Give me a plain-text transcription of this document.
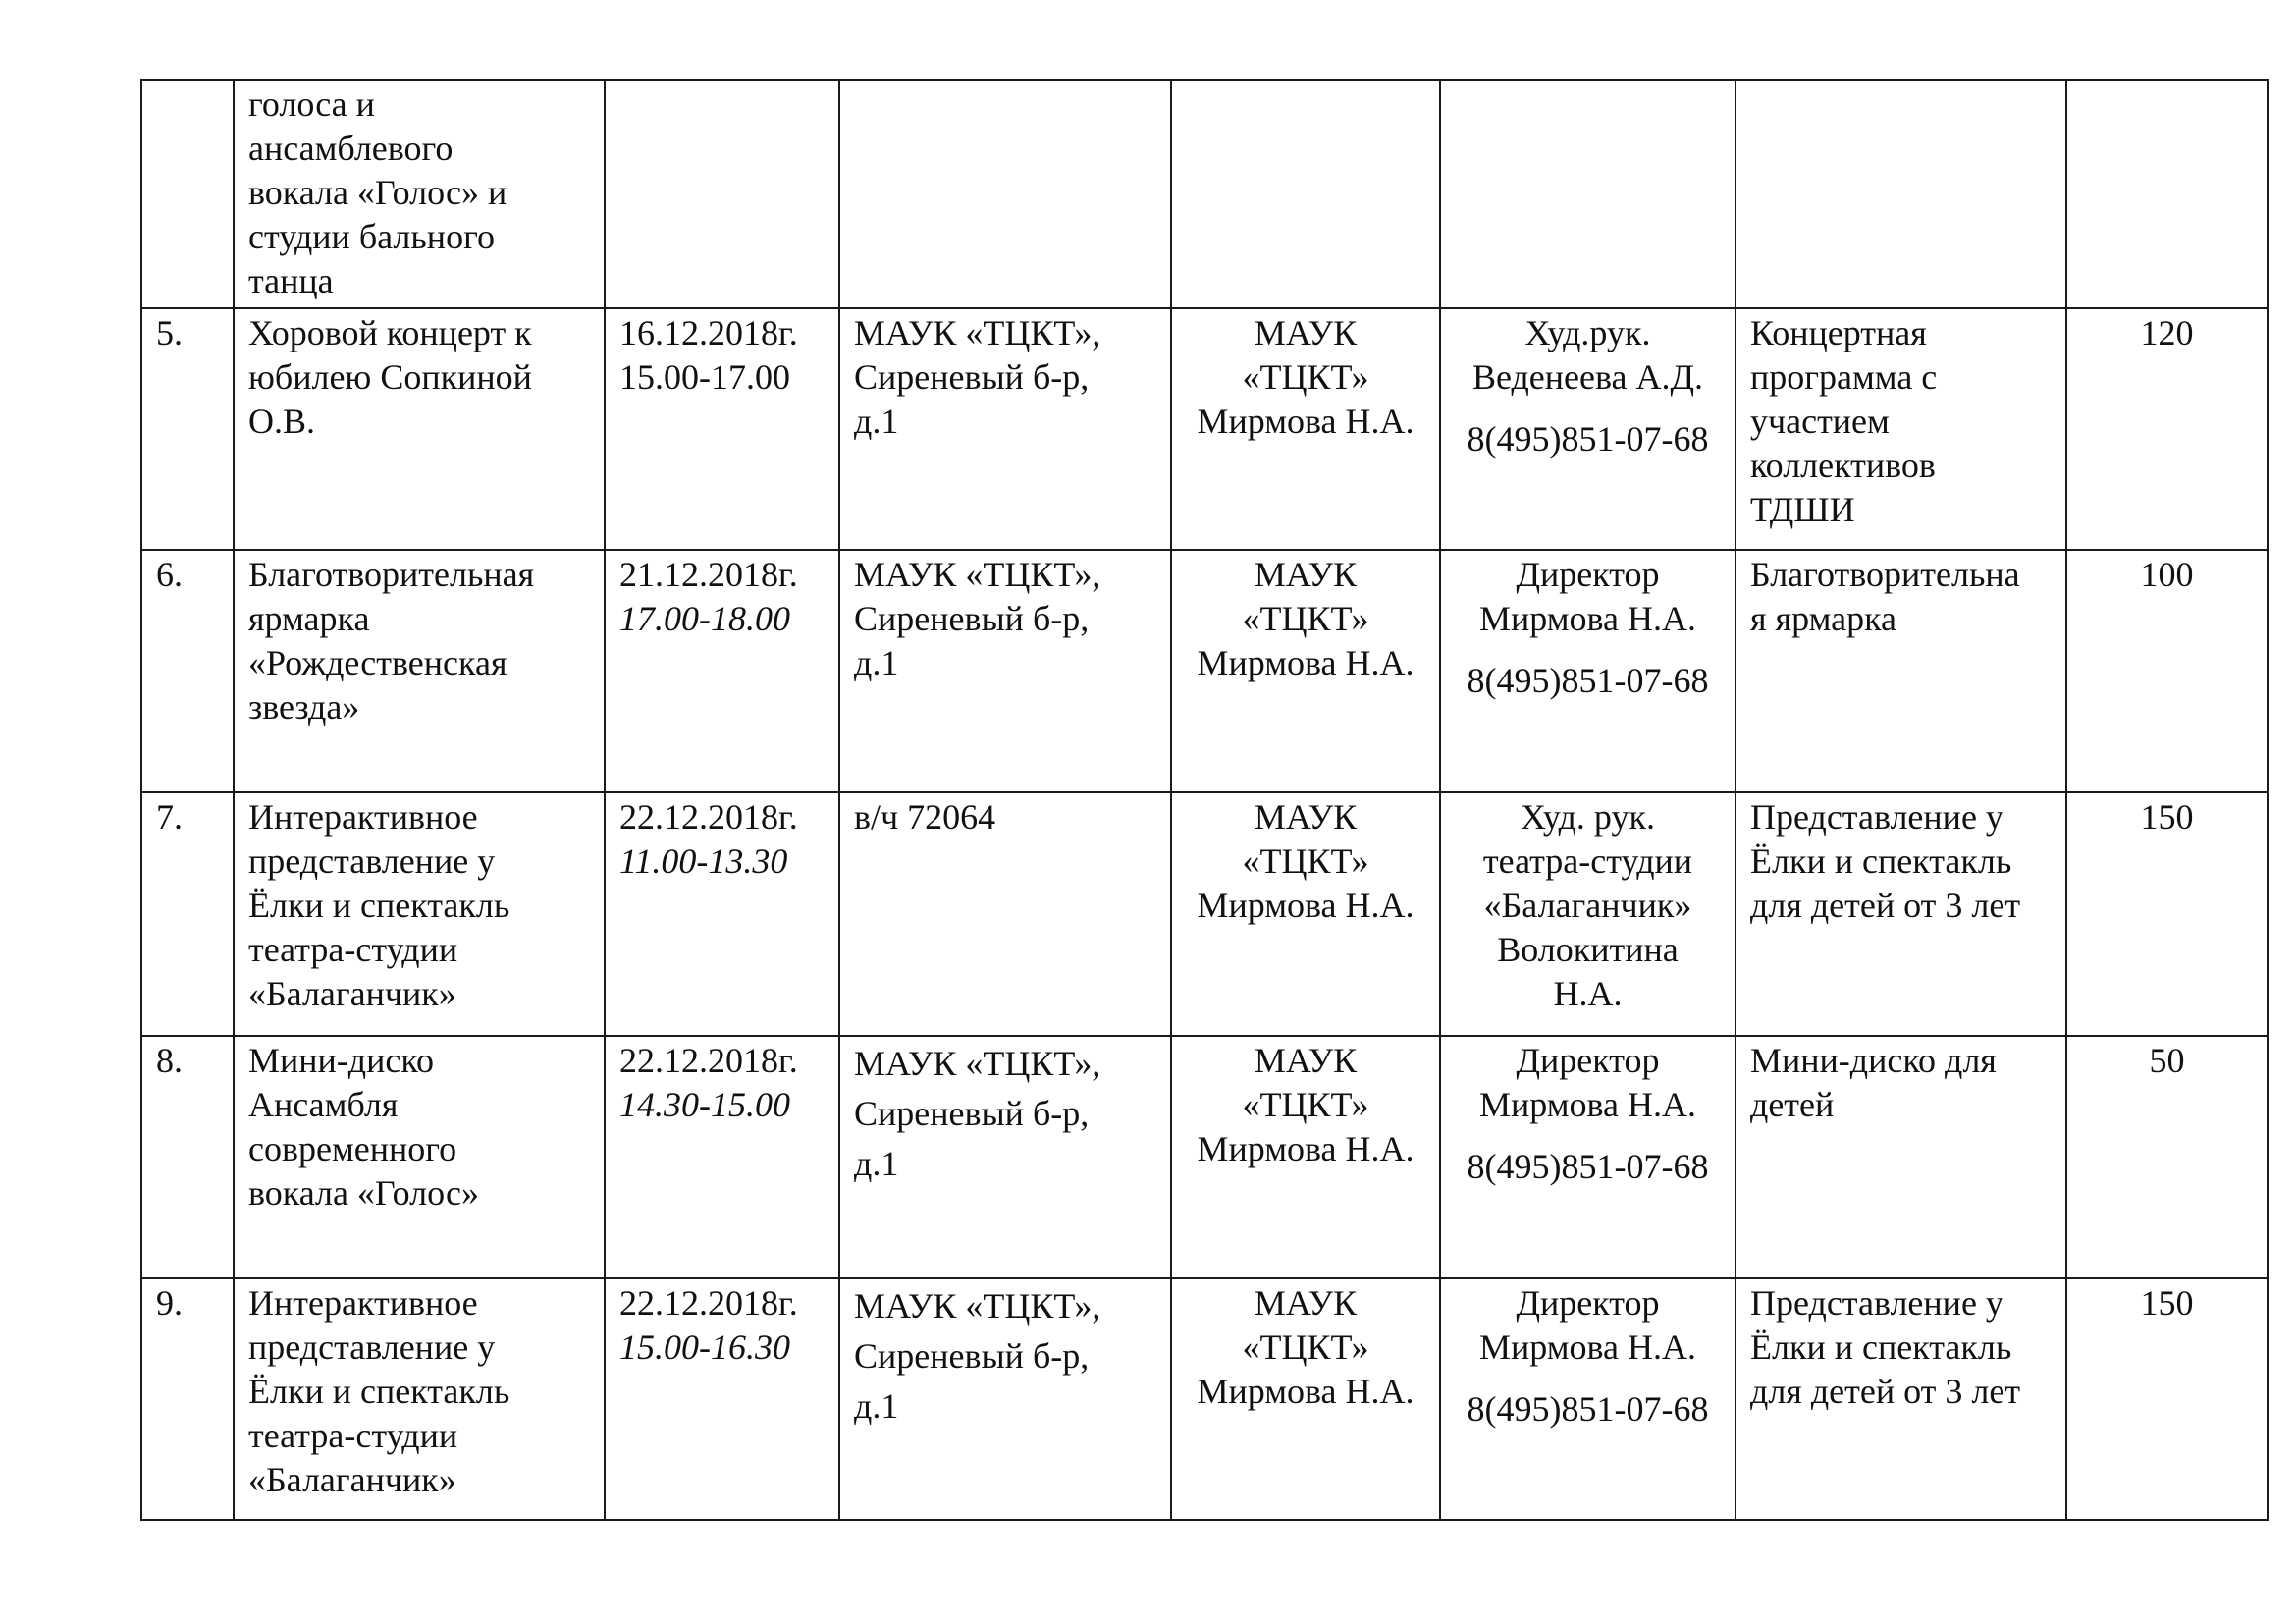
	голоса и
ансамблевого
вокала «Голос» и
студии бального
танца						

5.	Хоровой концерт к
юбилею Сопкиной
О.В.	16.12.2018г.
15.00-17.00	МАУК «ТЦКТ»,
Сиреневый б-р,
д.1	МАУК
«ТЦКТ»
Мирмова Н.А.	Худ.рук.
Веденеева А.Д.
8(495)851-07-68	Концертная
программа с
участием
коллективов
ТДШИ	120
6.	Благотворительная
ярмарка
«Рождественская
звезда»	21.12.2018г.
17.00-18.00	МАУК «ТЦКТ»,
Сиреневый б-р,
д.1	МАУК
«ТЦКТ»
Мирмова Н.А.	Директор
Мирмова Н.А.
8(495)851-07-68	Благотворительна
я ярмарка	100
7.	Интерактивное
представление у
Ёлки и спектакль
театра-студии
«Балаганчик»	22.12.2018г.
11.00-13.30	в/ч 72064	МАУК
«ТЦКТ»
Мирмова Н.А.	Худ. рук.
театра-студии
«Балаганчик»
Волокитина
Н.А.	Представление у
Ёлки и спектакль
для детей от 3 лет	150
8.	Мини-диско
Ансамбля
современного
вокала «Голос»	22.12.2018г.
14.30-15.00	МАУК «ТЦКТ»,
Сиреневый б-р,
д.1	МАУК
«ТЦКТ»
Мирмова Н.А.	Директор
Мирмова Н.А.
8(495)851-07-68	Мини-диско для
детей	50
9.	Интерактивное
представление у
Ёлки и спектакль
театра-студии
«Балаганчик»	22.12.2018г.
15.00-16.30	МАУК «ТЦКТ»,
Сиреневый б-р,
д.1	МАУК
«ТЦКТ»
Мирмова Н.А.	Директор
Мирмова Н.А.
8(495)851-07-68	Представление у
Ёлки и спектакль
для детей от 3 лет	150
